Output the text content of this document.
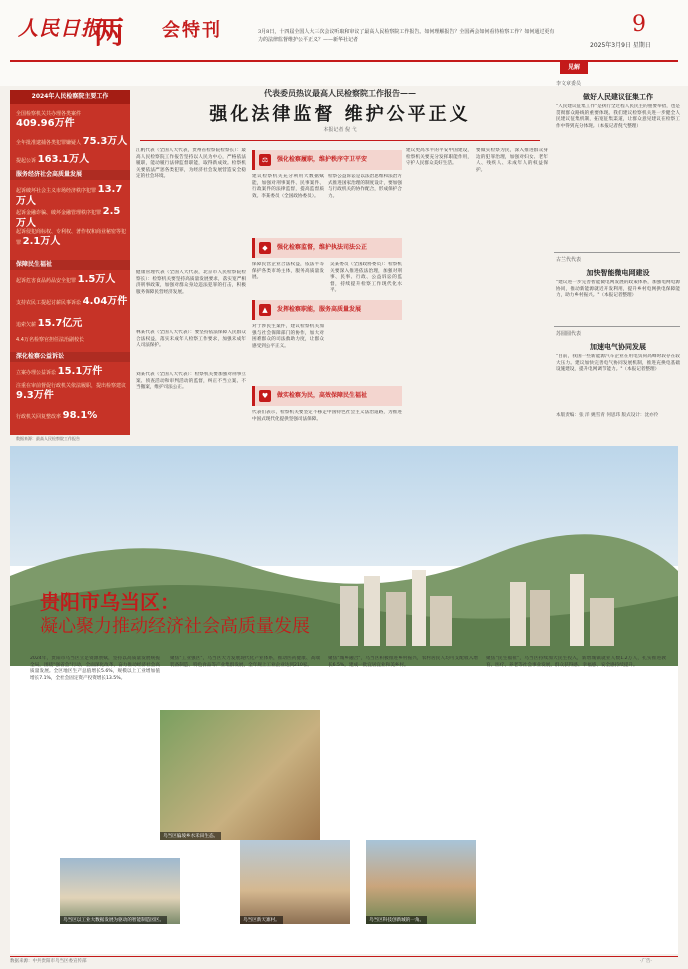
人民日报
两 会特刊	3月8日，十四届全国人大三次会议听取和审议了最高人民检察院工作报告。如何理解报告？全国两会如何看待检察工作？如何通过更有力的法律监督维护公平正义？——新华社记者
9
2025年3月9日 星期日
2024年人民检察院主要工作
全国检察机关共办理各类案件
409.96万件
全年批准逮捕各类犯罪嫌疑人 75.3万人
提起公诉 163.1万人
服务经济社会高质量发展
起诉破坏社会主义市场经济秩序犯罪 13.7万人
起诉金融诈骗、破坏金融管理秩序犯罪 2.5万人
起诉侵犯商标权、专利权、著作权和商业秘密等犯罪 2.1万人
保障民生福祉
起诉危害食品药品安全犯罪 1.5万人
支持农民工提起讨薪民事诉讼 4.04万件
追索欠薪 15.7亿元
4.4万名检察官担任法治副校长
深化检察公益诉讼
立案办理公益诉讼 15.1万件
注重在审前督促行政机关依法履职，提出检察建议 9.3万件
行政机关回复整改率 98.1%
数据来源：最高人民检察院工作报告
代表委员热议最高人民检察院工作报告——
强化法律监督 维护公平正义
本报记者 倪 弋
江帆代表（全国人大代表，贵州省检察院检察长）：最高人民检察院工作报告坚持以人民为中心，严格依法履职，能动履行法律监督职能，取得新成效。检察机关要依法严惩各类犯罪，为经济社会发展营造安全稳定的社会环境。
健康管理代表（全国人大代表，北京市人民检察院检察长）：检察机关要坚持高质量发展要求，落实宽严相济刑事政策，加强对群众身边违法犯罪的打击，积极服务保障民营经济发展。
林某代表（全国人大代表）：要坚持依法保障人民群众合法权益，落实未成年人检察工作要求，加强未成年人司法保护。
刘某代表（全国人大代表）：检察机关要加强对刑事立案、侦查活动和审判活动的监督，纠正不当立案、不当撤案，维护司法公正。
⚖	强化检察履职，维护秩序守卫平安
建议检察机关充分利用大数据赋能，加强对刑事案件、民事案件、行政案件的法律监督，提高监督质效。李某委员（全国政协委员）。
检察公益诉讼是以法治思维和法治方式推进国家治理的制度设计，要加强与行政机关的协作配合，形成保护合力。
◆	强化检察监督，维护执法司法公正
保障民营企业合法权益，依法平等保护各类市场主体，服务高质量发展。
▲	发挥检察职能，服务高质量发展
对于涉民生案件，建议检察机关加强与社会保障部门的协作，加大对困难群众的司法救助力度，让群众感受到公平正义。
♥	做实检察为民，高效保障民生福祉
吴某委员（全国政协委员）：检察机关要深入推进依法治理，加强对刑事、民事、行政、公益诉讼的监督，持续提升检察工作现代化水平。
建议更高水平的平安中国建设，检察机关要充分发挥职能作用，守护人民群众美好生活。
要做实检察为民，深入推进群众身边的犯罪治理，加强对妇女、老年人、残疾人、未成年人的权益保护。
代表们表示，检察机关要坚定不移走中国特色社会主义法治道路，为推进中国式现代化提供坚强司法保障。
见解
李文章委员
做好人民建议征集工作
"人民建议征集工作"是执行全过程人民民主的重要举措，也是贯彻群众路线的重要体现。我们建议检察机关进一步健全人民建议征集机制，拓宽征集渠道，让群众意见建议在检察工作中得到充分体现。（本报记者倪弋整理）
古兰代代表
加快智能微电网建设
"建议进一步完善智能微电网发展的政策体系，加强电网电源协同，推动新能源就近开发利用，提升乡村电网供电保障能力，助力乡村振兴。"（本报记者整理）
苏圆圆代表
加速电气协同发展
"目前，我国一些新能源汽车企业在用电负荷高峰时段存在较大压力。建议加快完善电气协同发展机制，推进充换电基础设施建设，提升电网调节能力。"（本报记者整理）
本版责编：张 洋 姚雪青 何思玮 版式设计：沈亦伶
贵阳市乌当区：
凝心聚力推动经济社会高质量发展
2024年，贵阳市乌当区立足资源禀赋，坚持以高质量发展统揽全局，围绕"强省会"行动，全面深化改革，奋力推动经济社会高质量发展。全区地区生产总值增长5.6%，规模以上工业增加值增长7.1%，全社会固定资产投资增长13.5%。
聚焦"工业强区"，乌当区大力发展现代化产业体系，推动医药健康、高端装备制造、特色食品等产业集群发展，全年规上工业企业达到210家。
聚焦"城乡融合"，乌当区积极推进乡村振兴，农村居民人均可支配收入增长6.5%，建成一批宜居宜业和美乡村。
聚焦"民生福祉"，乌当区持续加大民生投入，新增城镇就业人数1.2万人，扎实推进教育、医疗、养老等社会事业发展，群众获得感、幸福感、安全感持续提升。
乌当区偏坡乡水禾田生态。
乌当区以工业大数据发展为驱动的智能制造园区。	乌当区新天寨村。	乌当区科技创新城的一角。
数据来源：中共贵阳市乌当区委宣传部	·广告·
